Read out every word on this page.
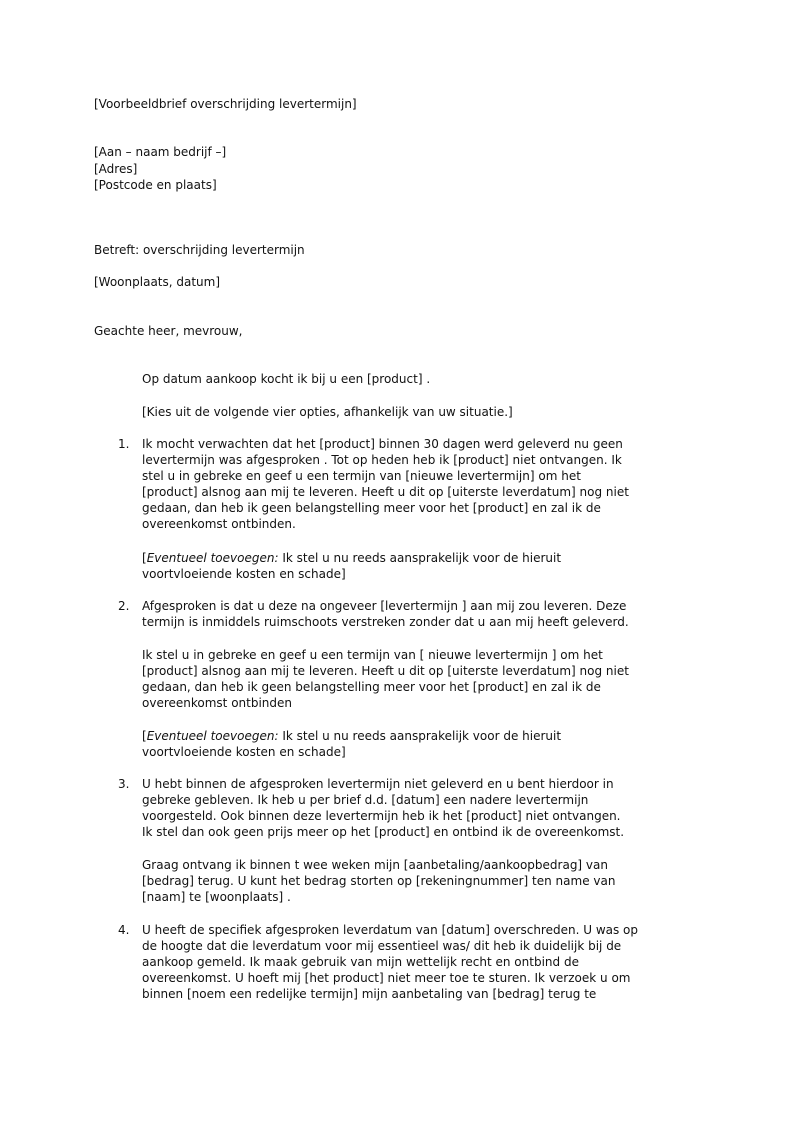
[Voorbeeldbrief overschrijding levertermijn]

[Aan – naam bedrijf –]

[Adres]

[Postcode en plaats]

Betreft: overschrijding levertermijn

[Woonplaats, datum]

Geachte heer, mevrouw,

Op datum aankoop kocht ik bij u een [product] .

[Kies uit de volgende vier opties, afhankelijk van uw situatie.]

1. Ik mocht verwachten dat het [product] binnen 30 dagen werd geleverd nu geen
levertermijn was afgesproken . Tot op heden heb ik [product] niet ontvangen. Ik
stel u in gebreke en geef u een termijn van [nieuwe levertermijn] om het
[product] alsnog aan mij te leveren. Heeft u dit op [uiterste leverdatum] nog niet
gedaan, dan heb ik geen belangstelling meer voor het [product] en zal ik de
overeenkomst ontbinden.

[Eventueel toevoegen: Ik stel u nu reeds aansprakelijk voor de hieruit
voortvloeiende kosten en schade]

2. Afgesproken is dat u deze na ongeveer [levertermijn ] aan mij zou leveren. Deze
termijn is inmiddels ruimschoots verstreken zonder dat u aan mij heeft geleverd.

Ik stel u in gebreke en geef u een termijn van [ nieuwe levertermijn ] om het
[product] alsnog aan mij te leveren. Heeft u dit op [uiterste leverdatum] nog niet
gedaan, dan heb ik geen belangstelling meer voor het [product] en zal ik de
overeenkomst ontbinden

[Eventueel toevoegen: Ik stel u nu reeds aansprakelijk voor de hieruit
voortvloeiende kosten en schade]

3. U hebt binnen de afgesproken levertermijn niet geleverd en u bent hierdoor in
gebreke gebleven. Ik heb u per brief d.d. [datum] een nadere levertermijn
voorgesteld. Ook binnen deze levertermijn heb ik het [product] niet ontvangen.
Ik stel dan ook geen prijs meer op het [product] en ontbind ik de overeenkomst.

Graag ontvang ik binnen t wee weken mijn [aanbetaling/aankoopbedrag] van
[bedrag] terug. U kunt het bedrag storten op [rekeningnummer] ten name van
[naam] te [woonplaats] .

4. U heeft de specifiek afgesproken leverdatum van [datum] overschreden. U was op
de hoogte dat die leverdatum voor mij essentieel was/ dit heb ik duidelijk bij de
aankoop gemeld. Ik maak gebruik van mijn wettelijk recht en ontbind de
overeenkomst. U hoeft mij [het product] niet meer toe te sturen. Ik verzoek u om
binnen [noem een redelijke termijn] mijn aanbetaling van [bedrag] terug te
